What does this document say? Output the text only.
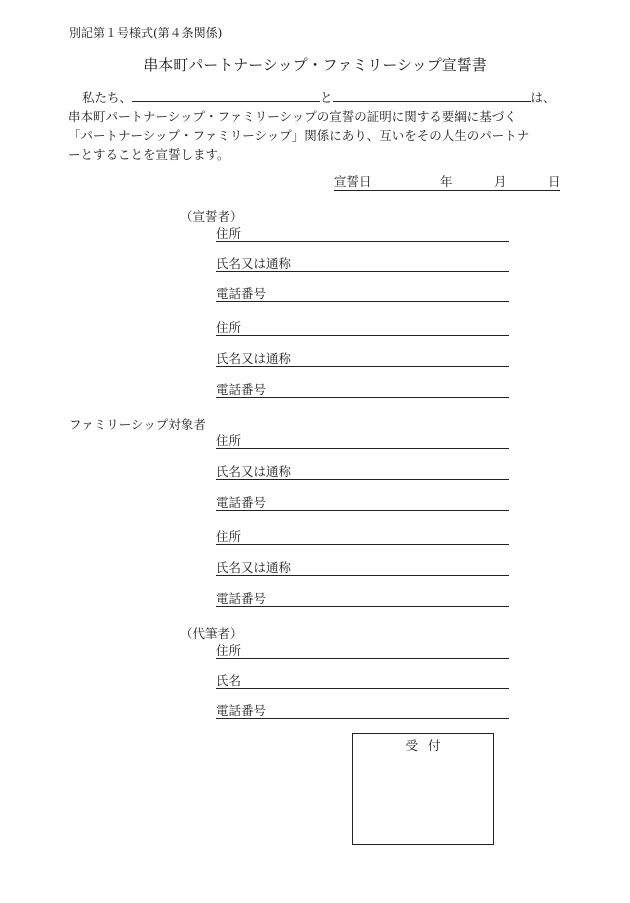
別記第１号様式(第４条関係)
串本町パートナーシップ・ファミリーシップ宣誓書
私たち、	と	は、
串本町パートナーシップ・ファミリーシップの宣誓の証明に関する要綱に基づく
「パートナーシップ・ファミリーシップ」関係にあり、互いをその人生のパートナ
ーとすることを宣誓します。
宣誓日	年	月	日
（宣誓者）
住所
氏名又は通称
電話番号
住所
氏名又は通称
電話番号
ファミリーシップ対象者
住所
氏名又は通称
電話番号
住所
氏名又は通称
電話番号
（代筆者）
住所
氏名
電話番号
受付
